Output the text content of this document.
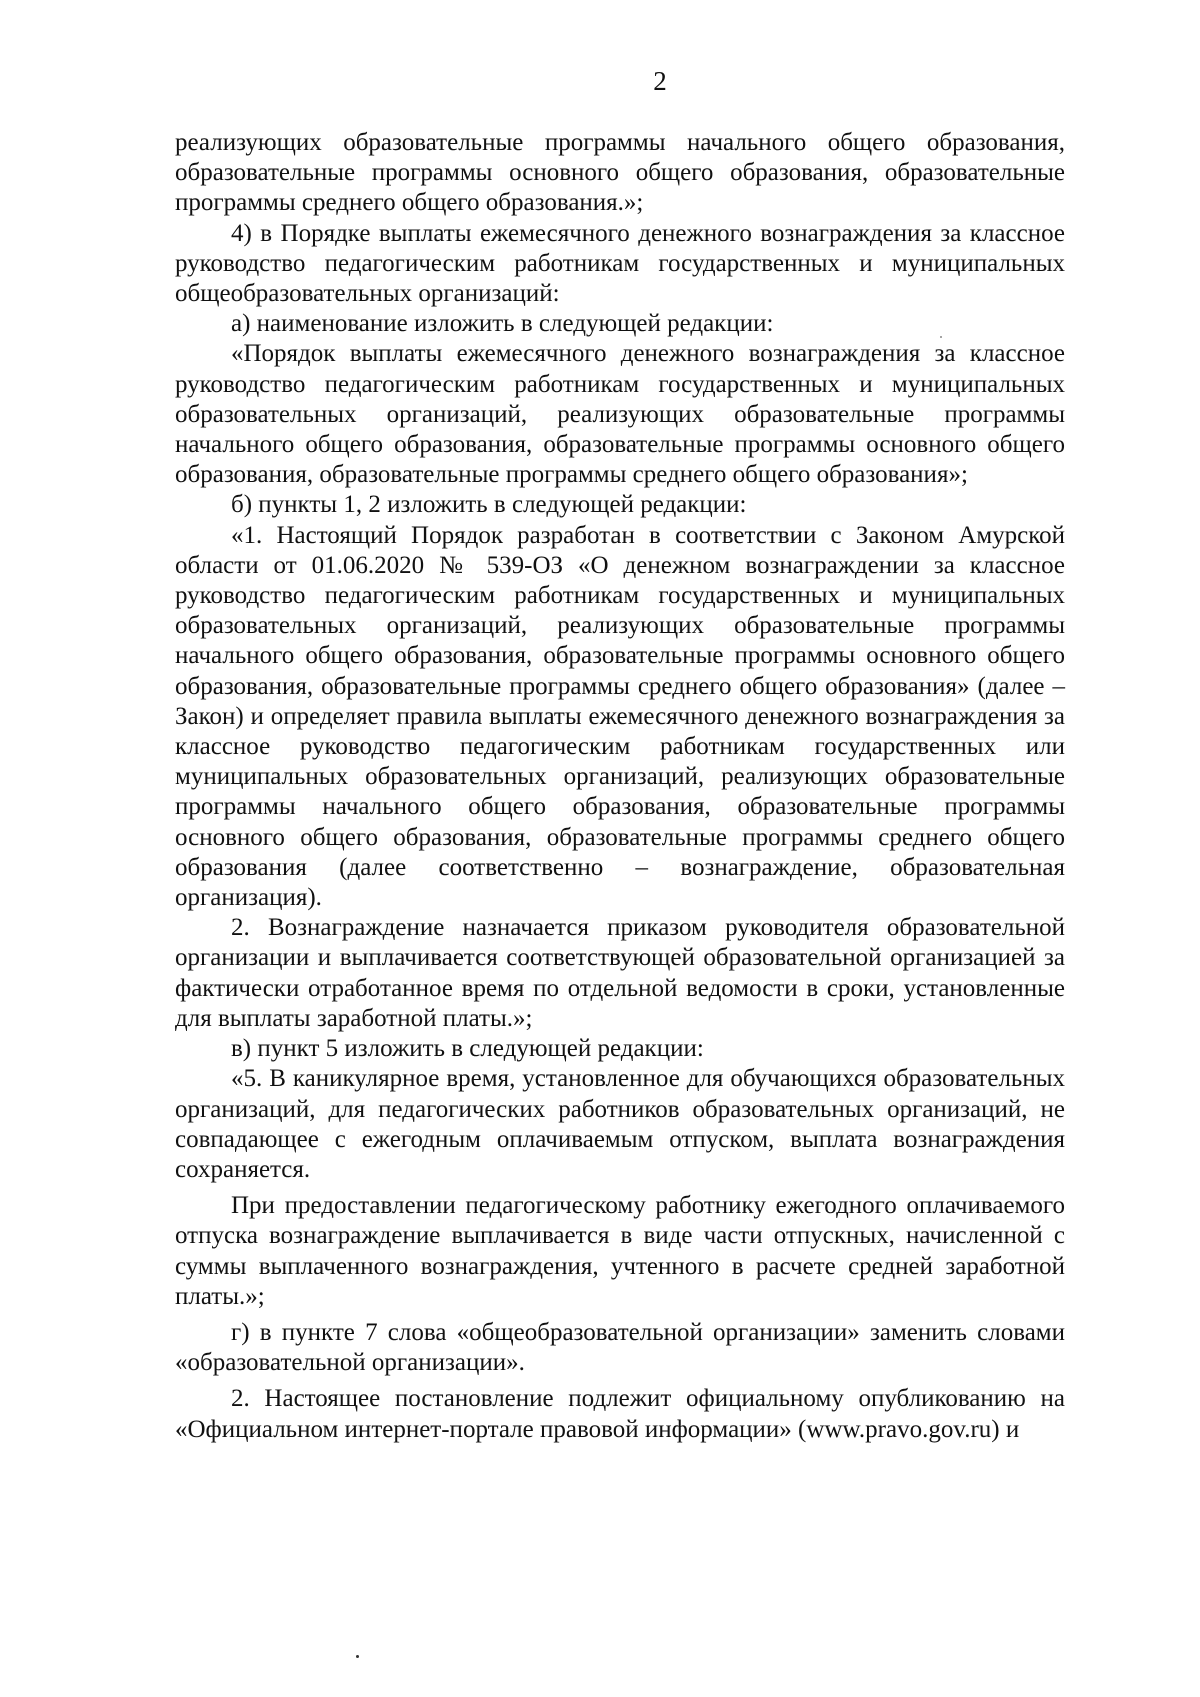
2

реализующих образовательные программы начального общего образования, образовательные программы основного общего образования, образовательные программы среднего общего образования.»;

4) в Порядке выплаты ежемесячного денежного вознаграждения за классное руководство педагогическим работникам государственных и муниципальных общеобразовательных организаций:

а) наименование изложить в следующей редакции:

«Порядок выплаты ежемесячного денежного вознаграждения за классное руководство педагогическим работникам государственных и муниципальных образовательных организаций, реализующих образовательные программы начального общего образования, образовательные программы основного общего образования, образовательные программы среднего общего образования»;

б) пункты 1, 2 изложить в следующей редакции:

«1. Настоящий Порядок разработан в соответствии с Законом Амурской области от 01.06.2020 № 539-ОЗ «О денежном вознаграждении за классное руководство педагогическим работникам государственных и муниципальных образовательных организаций, реализующих образовательные программы начального общего образования, образовательные программы основного общего образования, образовательные программы среднего общего образования» (далее – Закон) и определяет правила выплаты ежемесячного денежного вознаграждения за классное руководство педагогическим работникам государственных или муниципальных образовательных организаций, реализующих образовательные программы начального общего образования, образовательные программы основного общего образования, образовательные программы среднего общего образования (далее соответственно – вознаграждение, образовательная организация).

2. Вознаграждение назначается приказом руководителя образовательной организации и выплачивается соответствующей образовательной организацией за фактически отработанное время по отдельной ведомости в сроки, установленные для выплаты заработной платы.»;

в) пункт 5 изложить в следующей редакции:

«5. В каникулярное время, установленное для обучающихся образовательных организаций, для педагогических работников образовательных организаций, не совпадающее с ежегодным оплачиваемым отпуском, выплата вознаграждения сохраняется.

При предоставлении педагогическому работнику ежегодного оплачиваемого отпуска вознаграждение выплачивается в виде части отпускных, начисленной с суммы выплаченного вознаграждения, учтенного в расчете средней заработной платы.»;

г) в пункте 7 слова «общеобразовательной организации» заменить словами «образовательной организации».

2. Настоящее постановление подлежит официальному опубликованию на «Официальном интернет-портале правовой информации» (www.pravo.gov.ru) и
